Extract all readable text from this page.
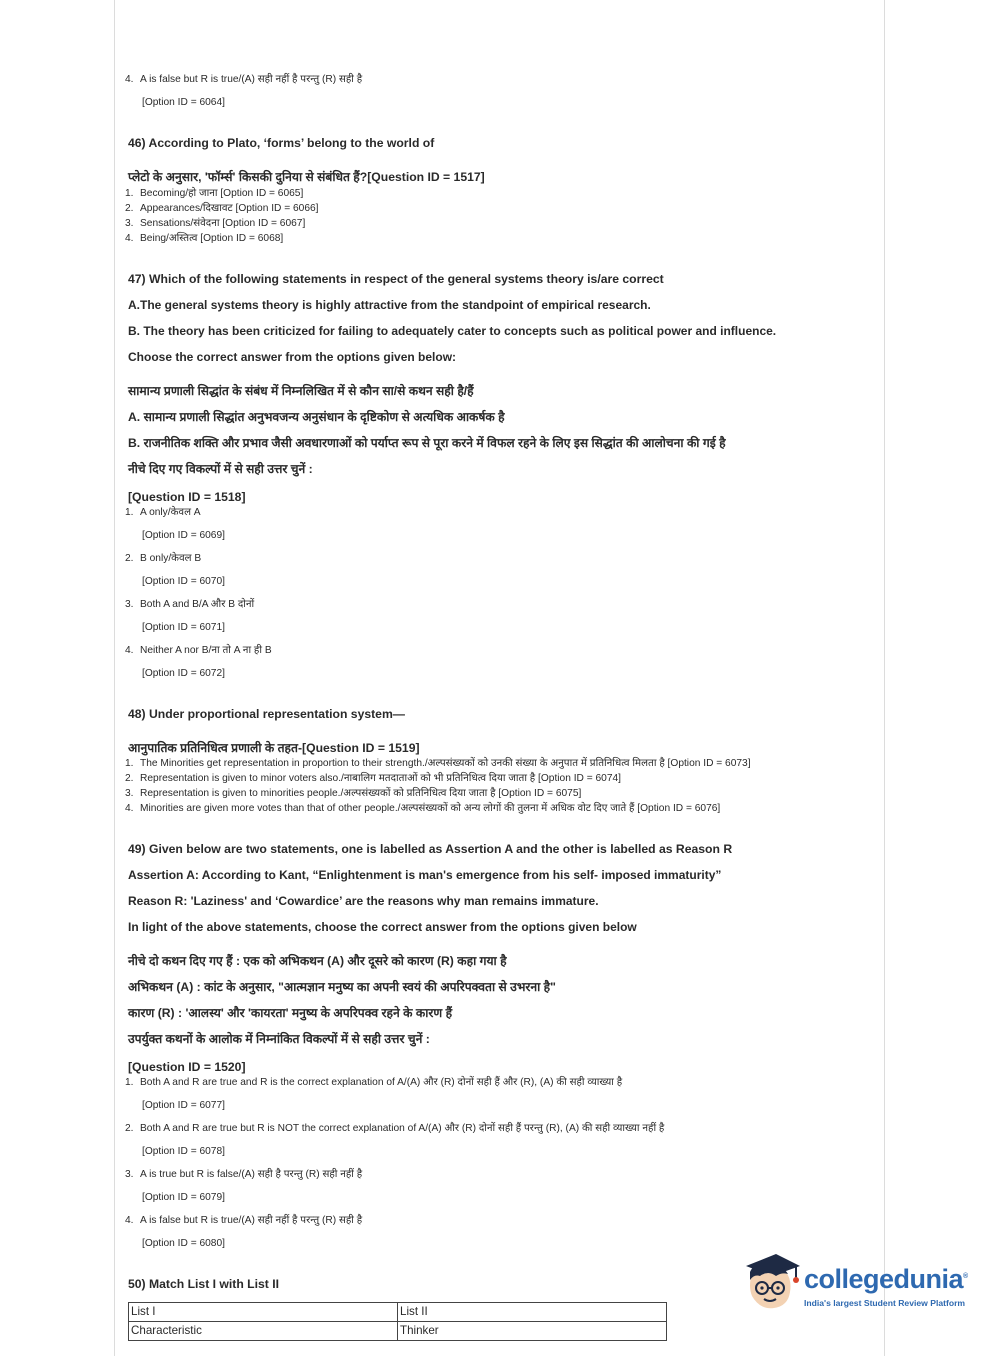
4. A is false but R is true/(A) सही नहीं है परन्तु (R) सही है

[Option ID = 6064]

46) According to Plato, ‘forms’ belong to the world of

प्लेटो के अनुसार, 'फॉर्म्स' किसकी दुनिया से संबंधित हैं?[Question ID = 1517]

1. Becoming/हो जाना [Option ID = 6065]

2. Appearances/दिखावट [Option ID = 6066]

3. Sensations/संवेदना [Option ID = 6067]

4. Being/अस्तित्व [Option ID = 6068]

47) Which of the following statements in respect of the general systems theory is/are correct

A.The general systems theory is highly attractive from the standpoint of empirical research.

B. The theory has been criticized for failing to adequately cater to concepts such as political power and influence.

Choose the correct answer from the options given below:

सामान्य प्रणाली सिद्धांत के संबंध में निम्नलिखित में से कौन सा/से कथन सही है/हैं

A. सामान्य प्रणाली सिद्धांत अनुभवजन्य अनुसंधान के दृष्टिकोण से अत्यधिक आकर्षक है

B. राजनीतिक शक्ति और प्रभाव जैसी अवधारणाओं को पर्याप्त रूप से पूरा करने में विफल रहने के लिए इस सिद्धांत की आलोचना की गई है

नीचे दिए गए विकल्पों में से सही उत्तर चुनें :

[Question ID = 1518]

1. A only/केवल A

[Option ID = 6069]

2. B only/केवल B

[Option ID = 6070]

3. Both A and B/A और B दोनों

[Option ID = 6071]

4. Neither A nor B/ना तो A ना ही B

[Option ID = 6072]

48) Under proportional representation system—

आनुपातिक प्रतिनिधित्व प्रणाली के तहत-[Question ID = 1519]

1. The Minorities get representation in proportion to their strength./अल्पसंख्यकों को उनकी संख्या के अनुपात में प्रतिनिधित्व मिलता है [Option ID = 6073]

2. Representation is given to minor voters also./नाबालिग मतदाताओं को भी प्रतिनिधित्व दिया जाता है [Option ID = 6074]

3. Representation is given to minorities people./अल्पसंख्यकों को प्रतिनिधित्व दिया जाता है [Option ID = 6075]

4. Minorities are given more votes than that of other people./अल्पसंख्यकों को अन्य लोगों की तुलना में अधिक वोट दिए जाते हैं [Option ID = 6076]

49) Given below are two statements, one is labelled as Assertion A and the other is labelled as Reason R

Assertion A: According to Kant, “Enlightenment is man's emergence from his self- imposed immaturity”

Reason R: 'Laziness' and ‘Cowardice’ are the reasons why man remains immature.

In light of the above statements, choose the correct answer from the options given below

नीचे दो कथन दिए गए हैं : एक को अभिकथन (A) और दूसरे को कारण (R) कहा गया है

अभिकथन (A) : कांट के अनुसार, "आत्मज्ञान मनुष्य का अपनी स्वयं की अपरिपक्वता से उभरना है"

कारण (R) : 'आलस्य' और 'कायरता' मनुष्य के अपरिपक्व रहने के कारण हैं

उपर्युक्त कथनों के आलोक में निम्नांकित विकल्पों में से सही उत्तर चुनें :

[Question ID = 1520]

1. Both A and R are true and R is the correct explanation of A/(A) और (R) दोनों सही हैं और (R), (A) की सही व्याख्या है

[Option ID = 6077]

2. Both A and R are true but R is NOT the correct explanation of A/(A) और (R) दोनों सही हैं परन्तु (R), (A) की सही व्याख्या नहीं है

[Option ID = 6078]

3. A is true but R is false/(A) सही है परन्तु (R) सही नहीं है

[Option ID = 6079]

4. A is false but R is true/(A) सही नहीं है परन्तु (R) सही है

[Option ID = 6080]

50) Match List I with List II

List I	List II
Characteristic	Thinker
collegedunia®
India's largest Student Review Platform
